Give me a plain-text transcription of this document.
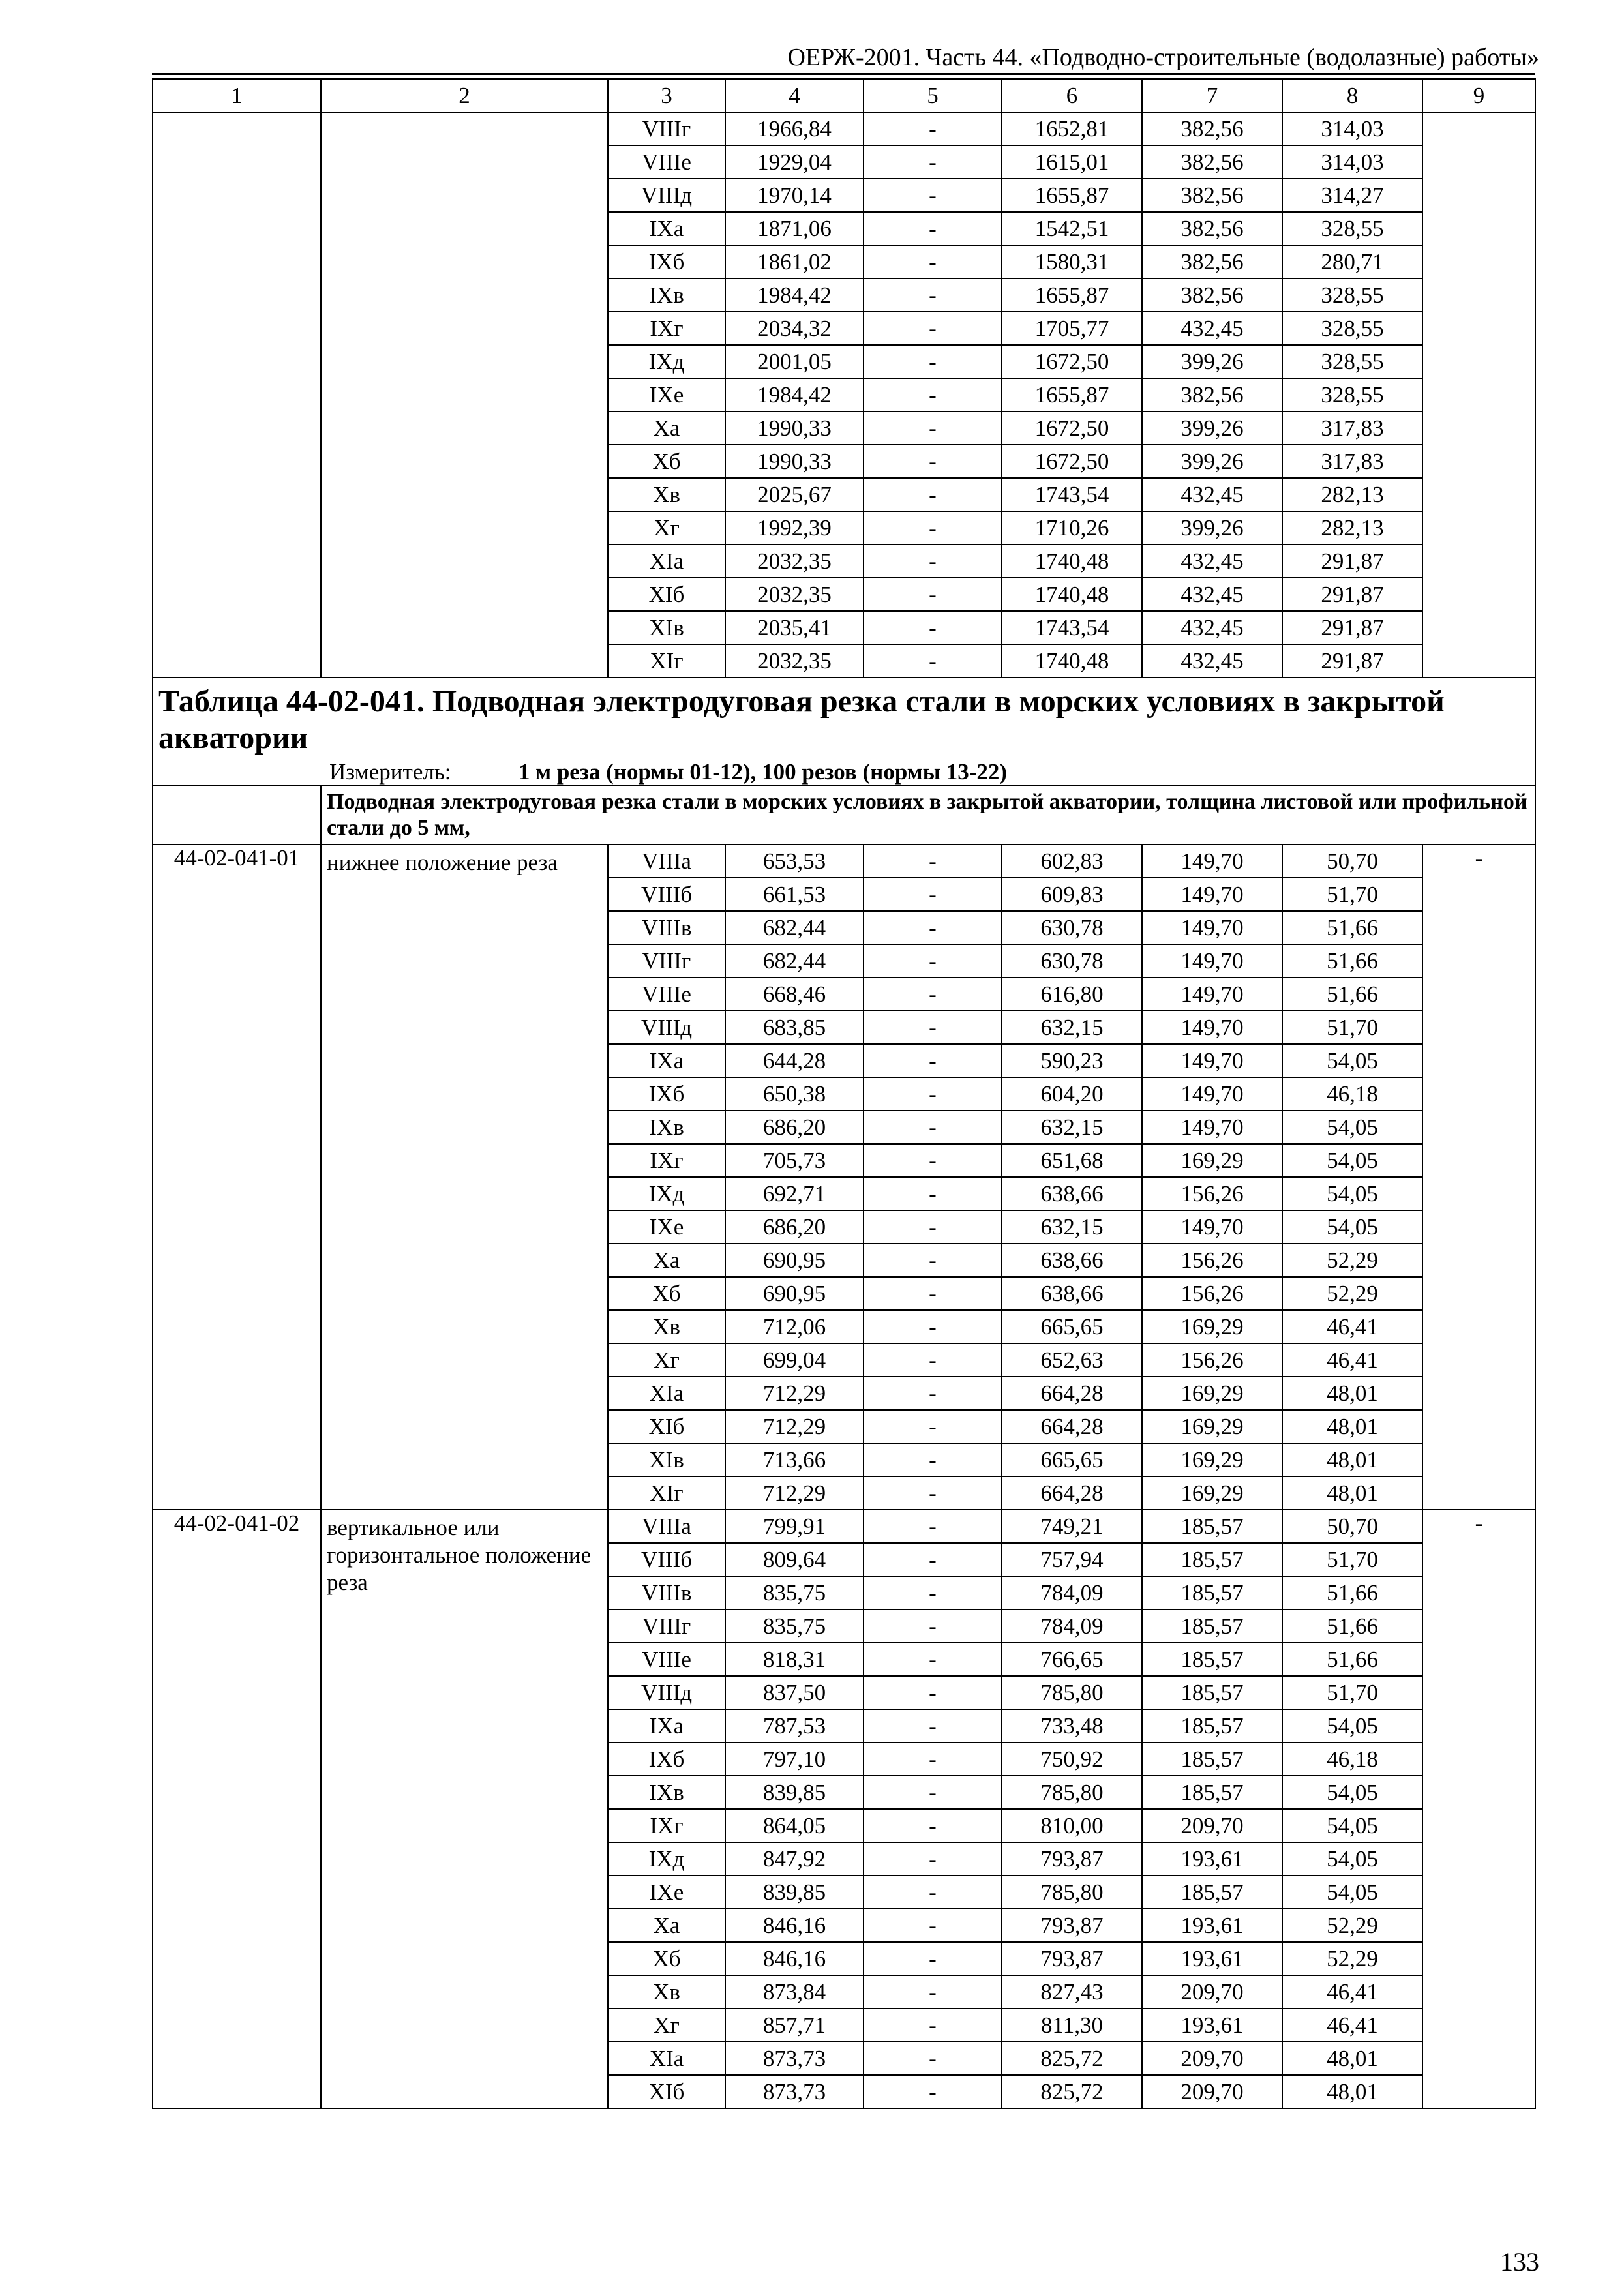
ОЕРЖ-2001. Часть 44. «Подводно-строительные (водолазные) работы»
1	2	3	4	5	6	7	8	9
		VIIIг	1966,84	-	1652,81	382,56	314,03	
		VIIIе	1929,04	-	1615,01	382,56	314,03	
		VIIIд	1970,14	-	1655,87	382,56	314,27	
		IXа	1871,06	-	1542,51	382,56	328,55	
		IXб	1861,02	-	1580,31	382,56	280,71	
		IXв	1984,42	-	1655,87	382,56	328,55	
		IXг	2034,32	-	1705,77	432,45	328,55	
		IXд	2001,05	-	1672,50	399,26	328,55	
		IXе	1984,42	-	1655,87	382,56	328,55	
		Xа	1990,33	-	1672,50	399,26	317,83	
		Xб	1990,33	-	1672,50	399,26	317,83	
		Xв	2025,67	-	1743,54	432,45	282,13	
		Xг	1992,39	-	1710,26	399,26	282,13	
		XIа	2032,35	-	1740,48	432,45	291,87	
		XIб	2032,35	-	1740,48	432,45	291,87	
		XIв	2035,41	-	1743,54	432,45	291,87	
		XIг	2032,35	-	1740,48	432,45	291,87	
Таблица 44-02-041. Подводная электродуговая резка стали в морских условиях в закрытой акватории								
Измеритель: 1 м реза (нормы 01-12), 100 резов (нормы 13-22)								
	Подводная электродуговая резка стали в морских условиях в закрытой акватории, толщина листовой или профильной стали до 5 мм,							
44-02-041-01	нижнее положение реза	VIIIа	653,53	-	602,83	149,70	50,70	-
		VIIIб	661,53	-	609,83	149,70	51,70	
		VIIIв	682,44	-	630,78	149,70	51,66	
		VIIIг	682,44	-	630,78	149,70	51,66	
		VIIIе	668,46	-	616,80	149,70	51,66	
		VIIIд	683,85	-	632,15	149,70	51,70	
		IXа	644,28	-	590,23	149,70	54,05	
		IXб	650,38	-	604,20	149,70	46,18	
		IXв	686,20	-	632,15	149,70	54,05	
		IXг	705,73	-	651,68	169,29	54,05	
		IXд	692,71	-	638,66	156,26	54,05	
		IXе	686,20	-	632,15	149,70	54,05	
		Xа	690,95	-	638,66	156,26	52,29	
		Xб	690,95	-	638,66	156,26	52,29	
		Xв	712,06	-	665,65	169,29	46,41	
		Xг	699,04	-	652,63	156,26	46,41	
		XIа	712,29	-	664,28	169,29	48,01	
		XIб	712,29	-	664,28	169,29	48,01	
		XIв	713,66	-	665,65	169,29	48,01	
		XIг	712,29	-	664,28	169,29	48,01	
44-02-041-02	вертикальное или горизонтальное положение реза	VIIIа	799,91	-	749,21	185,57	50,70	-
		VIIIб	809,64	-	757,94	185,57	51,70	
		VIIIв	835,75	-	784,09	185,57	51,66	
		VIIIг	835,75	-	784,09	185,57	51,66	
		VIIIе	818,31	-	766,65	185,57	51,66	
		VIIIд	837,50	-	785,80	185,57	51,70	
		IXа	787,53	-	733,48	185,57	54,05	
		IXб	797,10	-	750,92	185,57	46,18	
		IXв	839,85	-	785,80	185,57	54,05	
		IXг	864,05	-	810,00	209,70	54,05	
		IXд	847,92	-	793,87	193,61	54,05	
		IXе	839,85	-	785,80	185,57	54,05	
		Xа	846,16	-	793,87	193,61	52,29	
		Xб	846,16	-	793,87	193,61	52,29	
		Xв	873,84	-	827,43	209,70	46,41	
		Xг	857,71	-	811,30	193,61	46,41	
		XIа	873,73	-	825,72	209,70	48,01	
		XIб	873,73	-	825,72	209,70	48,01	
133
